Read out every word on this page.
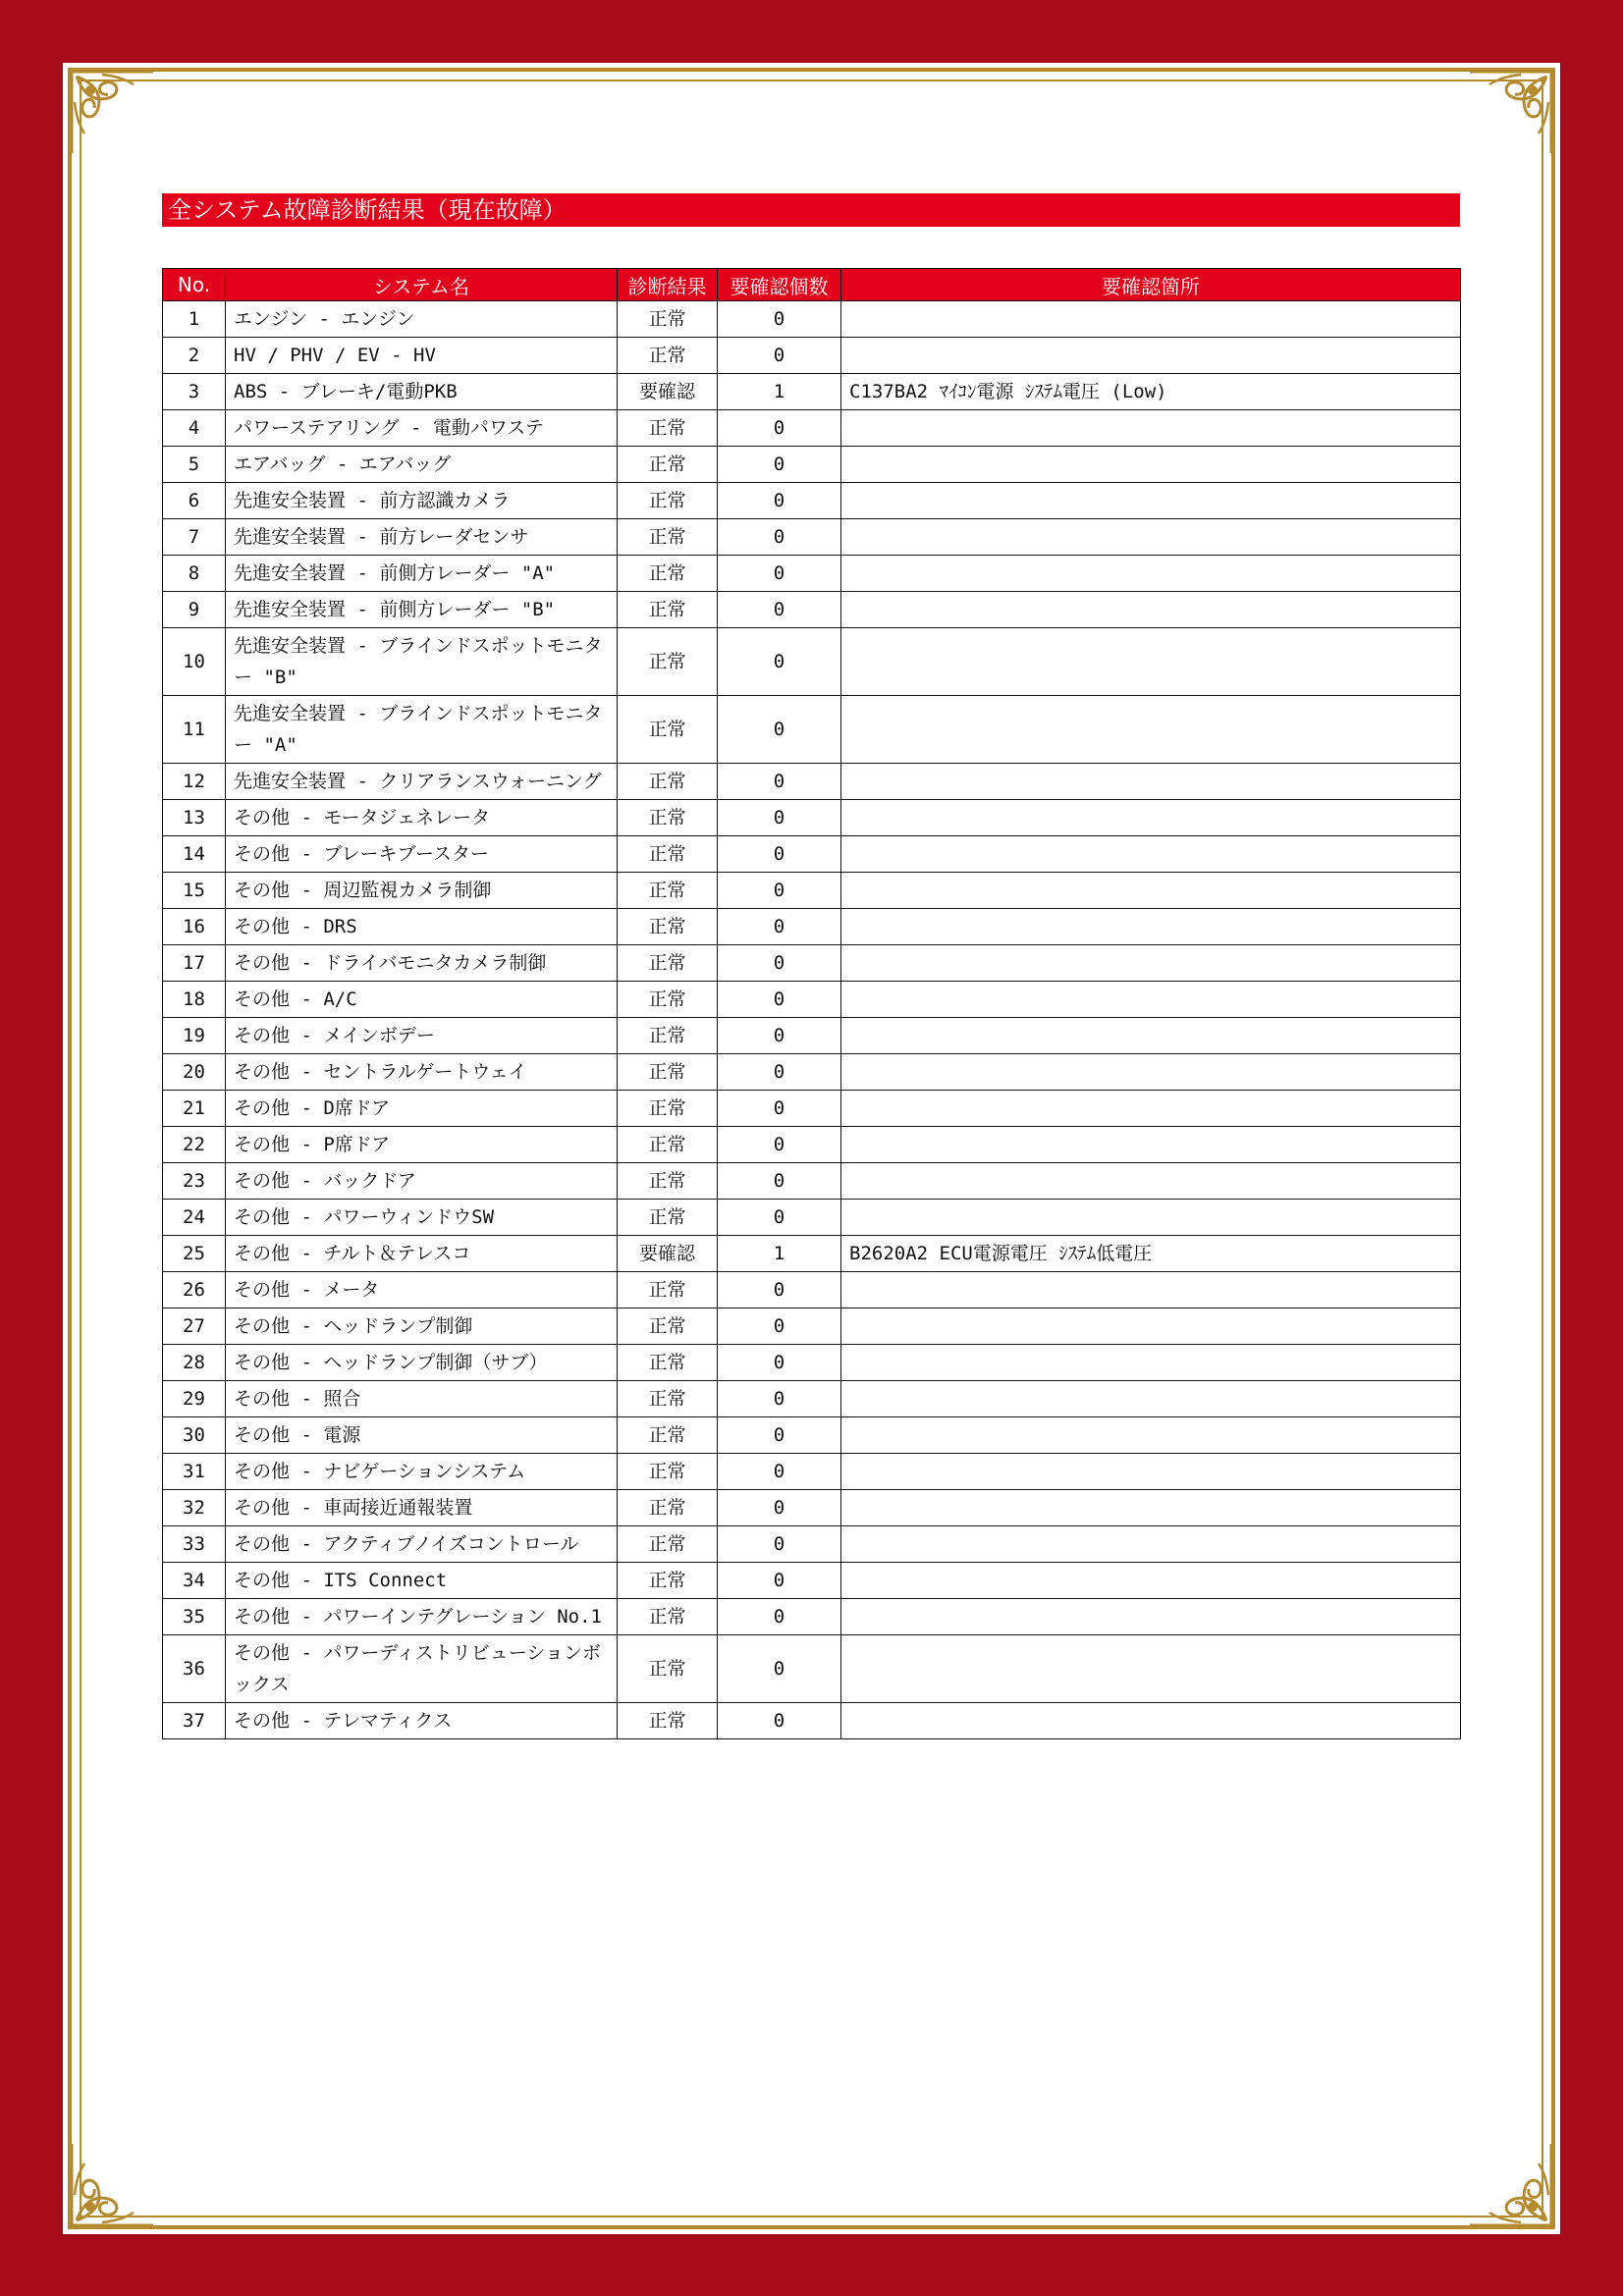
全システム故障診断結果（現在故障）
No.	システム名	診断結果	要確認個数	要確認箇所
1	エンジン - エンジン	正常	0	
2	HV / PHV / EV - HV	正常	0	
3	ABS - ブレーキ/電動PKB	要確認	1	C137BA2 ﾏｲｺﾝ電源 ｼｽﾃﾑ電圧 (Low)
4	パワーステアリング - 電動パワステ	正常	0	
5	エアバッグ - エアバッグ	正常	0	
6	先進安全装置 - 前方認識カメラ	正常	0	
7	先進安全装置 - 前方レーダセンサ	正常	0	
8	先進安全装置 - 前側方レーダー "A"	正常	0	
9	先進安全装置 - 前側方レーダー "B"	正常	0	
10	先進安全装置 - ブラインドスポットモニター "B"	正常	0	
11	先進安全装置 - ブラインドスポットモニター "A"	正常	0	
12	先進安全装置 - クリアランスウォーニング	正常	0	
13	その他 - モータジェネレータ	正常	0	
14	その他 - ブレーキブースター	正常	0	
15	その他 - 周辺監視カメラ制御	正常	0	
16	その他 - DRS	正常	0	
17	その他 - ドライバモニタカメラ制御	正常	0	
18	その他 - A/C	正常	0	
19	その他 - メインボデー	正常	0	
20	その他 - セントラルゲートウェイ	正常	0	
21	その他 - D席ドア	正常	0	
22	その他 - P席ドア	正常	0	
23	その他 - バックドア	正常	0	
24	その他 - パワーウィンドウSW	正常	0	
25	その他 - チルト＆テレスコ	要確認	1	B2620A2 ECU電源電圧 ｼｽﾃﾑ低電圧
26	その他 - メータ	正常	0	
27	その他 - ヘッドランプ制御	正常	0	
28	その他 - ヘッドランプ制御（サブ）	正常	0	
29	その他 - 照合	正常	0	
30	その他 - 電源	正常	0	
31	その他 - ナビゲーションシステム	正常	0	
32	その他 - 車両接近通報装置	正常	0	
33	その他 - アクティブノイズコントロール	正常	0	
34	その他 - ITS Connect	正常	0	
35	その他 - パワーインテグレーション No.1	正常	0	
36	その他 - パワーディストリビューションボックス	正常	0	
37	その他 - テレマティクス	正常	0	
